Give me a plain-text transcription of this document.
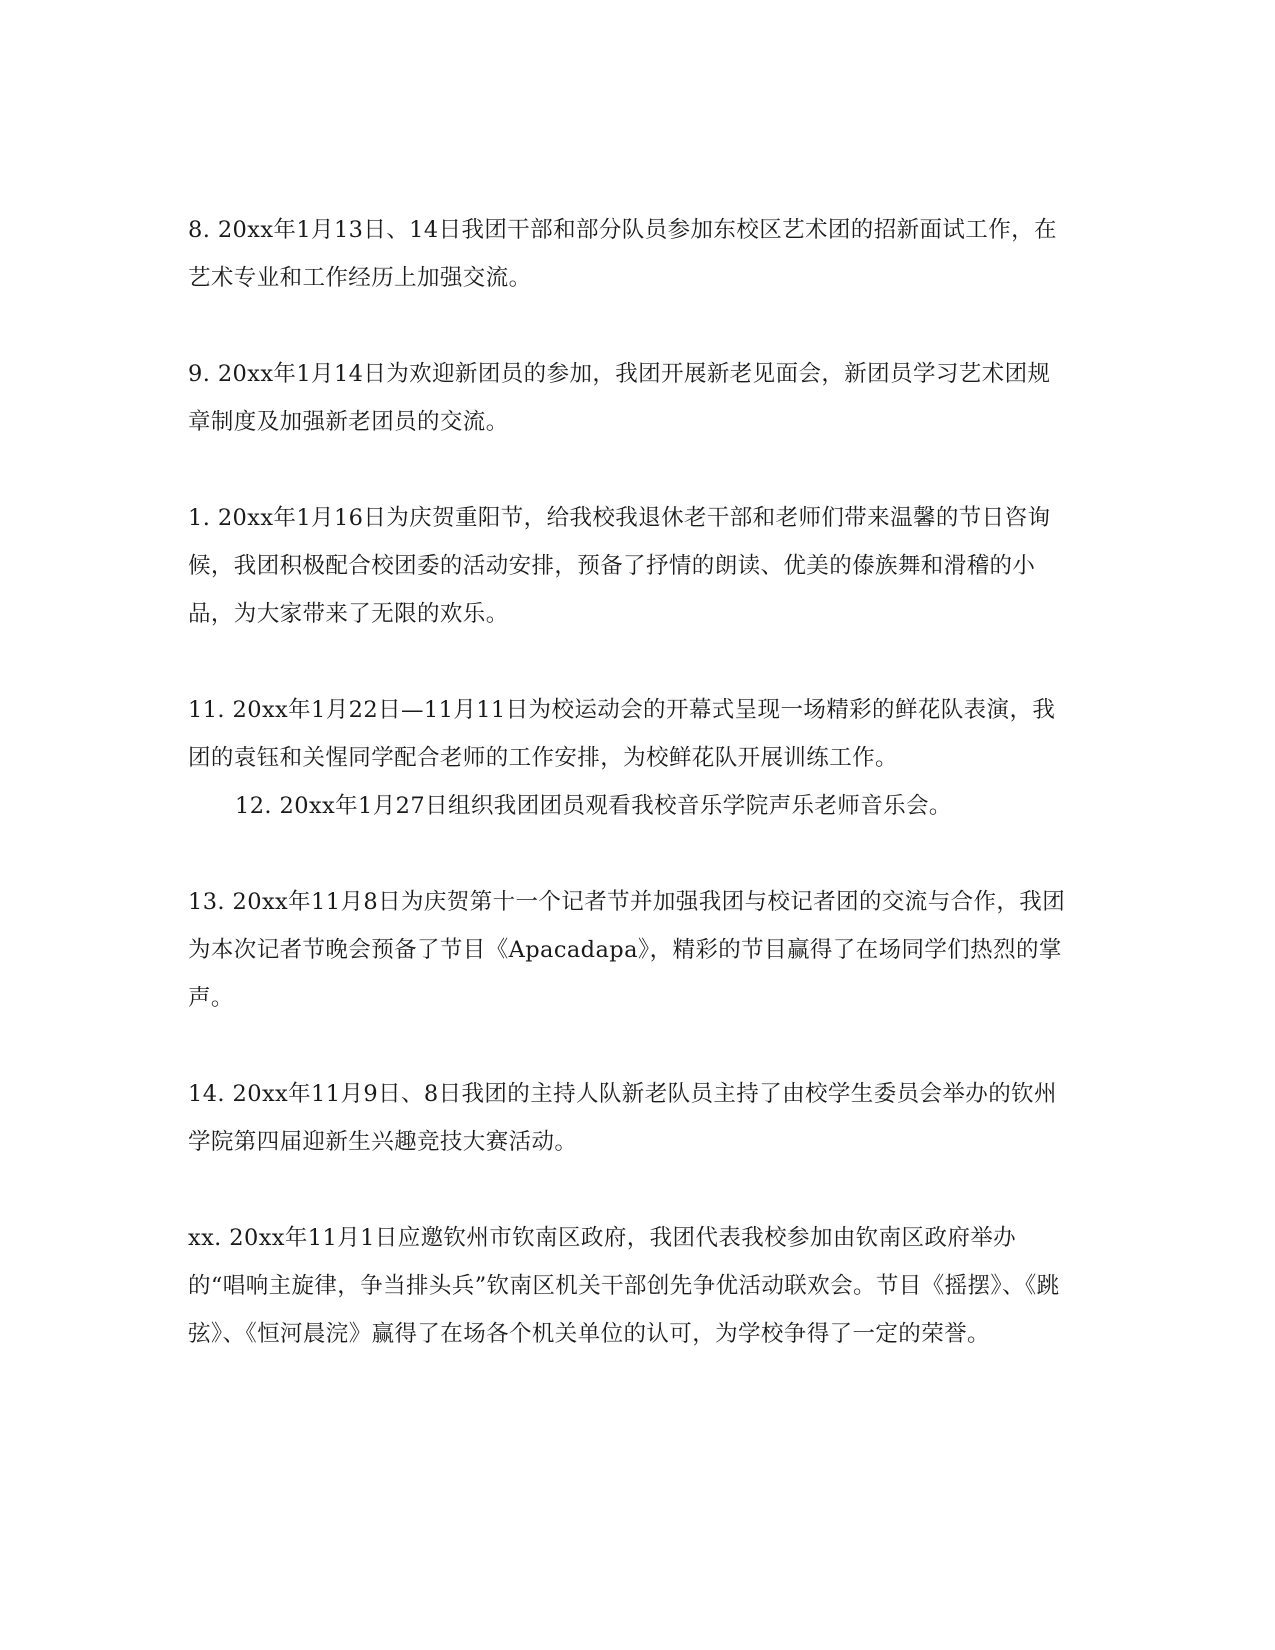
8. 20xx年1月13日、14日我团干部和部分队员参加东校区艺术团的招新面试工作，在艺术专业和工作经历上加强交流。

9. 20xx年1月14日为欢迎新团员的参加，我团开展新老见面会，新团员学习艺术团规章制度及加强新老团员的交流。

1. 20xx年1月16日为庆贺重阳节，给我校我退休老干部和老师们带来温馨的节日咨询候，我团积极配合校团委的活动安排，预备了抒情的朗读、优美的傣族舞和滑稽的小品，为大家带来了无限的欢乐。

11. 20xx年1月22日—11月11日为校运动会的开幕式呈现一场精彩的鲜花队表演，我团的袁钰和关惺同学配合老师的工作安排，为校鲜花队开展训练工作。

12. 20xx年1月27日组织我团团员观看我校音乐学院声乐老师音乐会。

13. 20xx年11月8日为庆贺第十一个记者节并加强我团与校记者团的交流与合作，我团为本次记者节晚会预备了节目《Apacadapa》，精彩的节目赢得了在场同学们热烈的掌声。

14. 20xx年11月9日、8日我团的主持人队新老队员主持了由校学生委员会举办的钦州学院第四届迎新生兴趣竞技大赛活动。

xx. 20xx年11月1日应邀钦州市钦南区政府，我团代表我校参加由钦南区政府举办的“唱响主旋律，争当排头兵”钦南区机关干部创先争优活动联欢会。节目《摇摆》、《跳弦》、《恒河晨浣》赢得了在场各个机关单位的认可，为学校争得了一定的荣誉。
